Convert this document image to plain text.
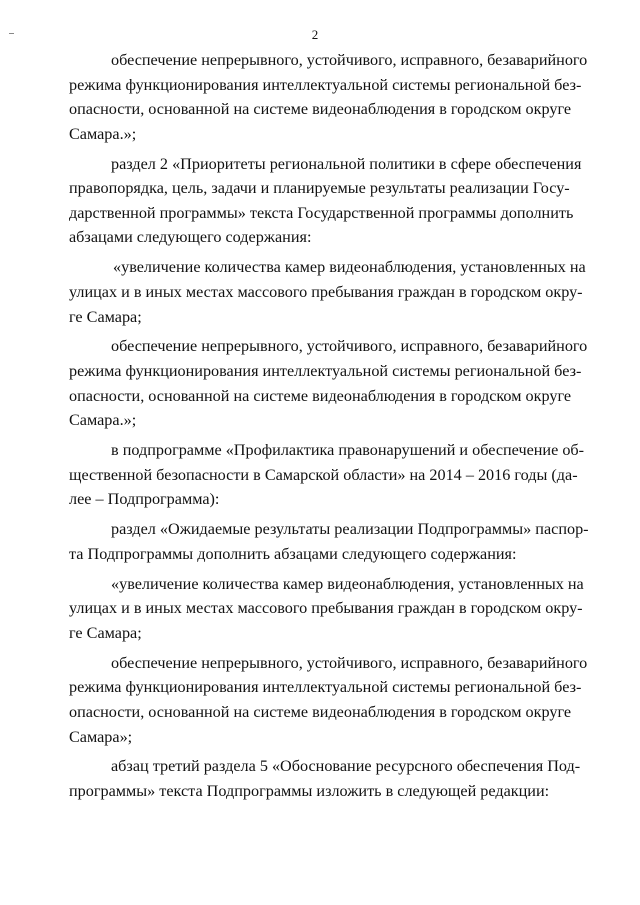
2
обеспечение непрерывного, устойчивого, исправного, безаварийного
режима функционирования интеллектуальной системы региональной без-
опасности, основанной на системе видеонаблюдения в городском округе
Самара.»;
раздел 2 «Приоритеты региональной политики в сфере обеспечения
правопорядка, цель, задачи и планируемые результаты реализации Госу-
дарственной программы» текста Государственной программы дополнить
абзацами следующего содержания:
«увеличение количества камер видеонаблюдения, установленных на
улицах и в иных местах массового пребывания граждан в городском окру-
ге Самара;
обеспечение непрерывного, устойчивого, исправного, безаварийного
режима функционирования интеллектуальной системы региональной без-
опасности, основанной на системе видеонаблюдения в городском округе
Самара.»;
в подпрограмме «Профилактика правонарушений и обеспечение об-
щественной безопасности в Самарской области» на 2014 – 2016 годы (да-
лее – Подпрограмма):
раздел «Ожидаемые результаты реализации Подпрограммы» паспор-
та Подпрограммы дополнить абзацами следующего содержания:
«увеличение количества камер видеонаблюдения, установленных на
улицах и в иных местах массового пребывания граждан в городском окру-
ге Самара;
обеспечение непрерывного, устойчивого, исправного, безаварийного
режима функционирования интеллектуальной системы региональной без-
опасности, основанной на системе видеонаблюдения в городском округе
Самара»;
абзац третий раздела 5 «Обоснование ресурсного обеспечения Под-
программы» текста Подпрограммы изложить в следующей редакции:
